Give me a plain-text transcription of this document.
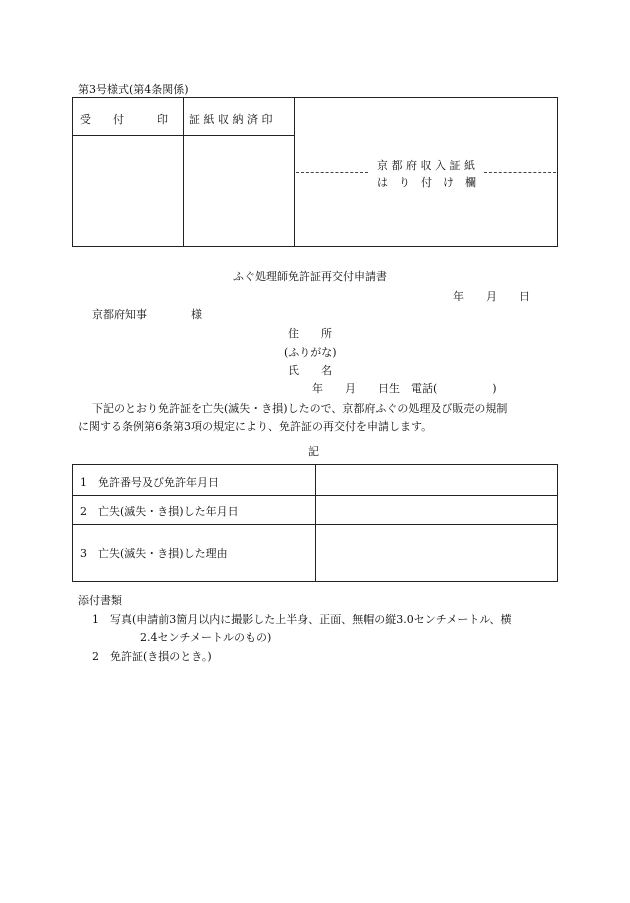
第3号様式(第4条関係)
受　　付　　　印 証 紙 収 納 済 印
京 都 府 収 入 証 紙
は　り　付　け　欄
ふぐ処理師免許証再交付申請書
年　　月　　日
京都府知事　　　　様
住　　所
(ふりがな)
氏　　名
年　　月　　日生　電話(　　　　　)
下記のとおり免許証を亡失(滅失・き損)したので、京都府ふぐの処理及び販売の規制
に関する条例第6条第3項の規定により、免許証の再交付を申請します。
記
1　免許番号及び免許年月日
2　亡失(滅失・き損)した年月日
3　亡失(滅失・き損)した理由
添付書類
1　写真(申請前3箇月以内に撮影した上半身、正面、無帽の縦3.0センチメートル、横
2.4センチメートルのもの)
2　免許証(き損のとき。)
